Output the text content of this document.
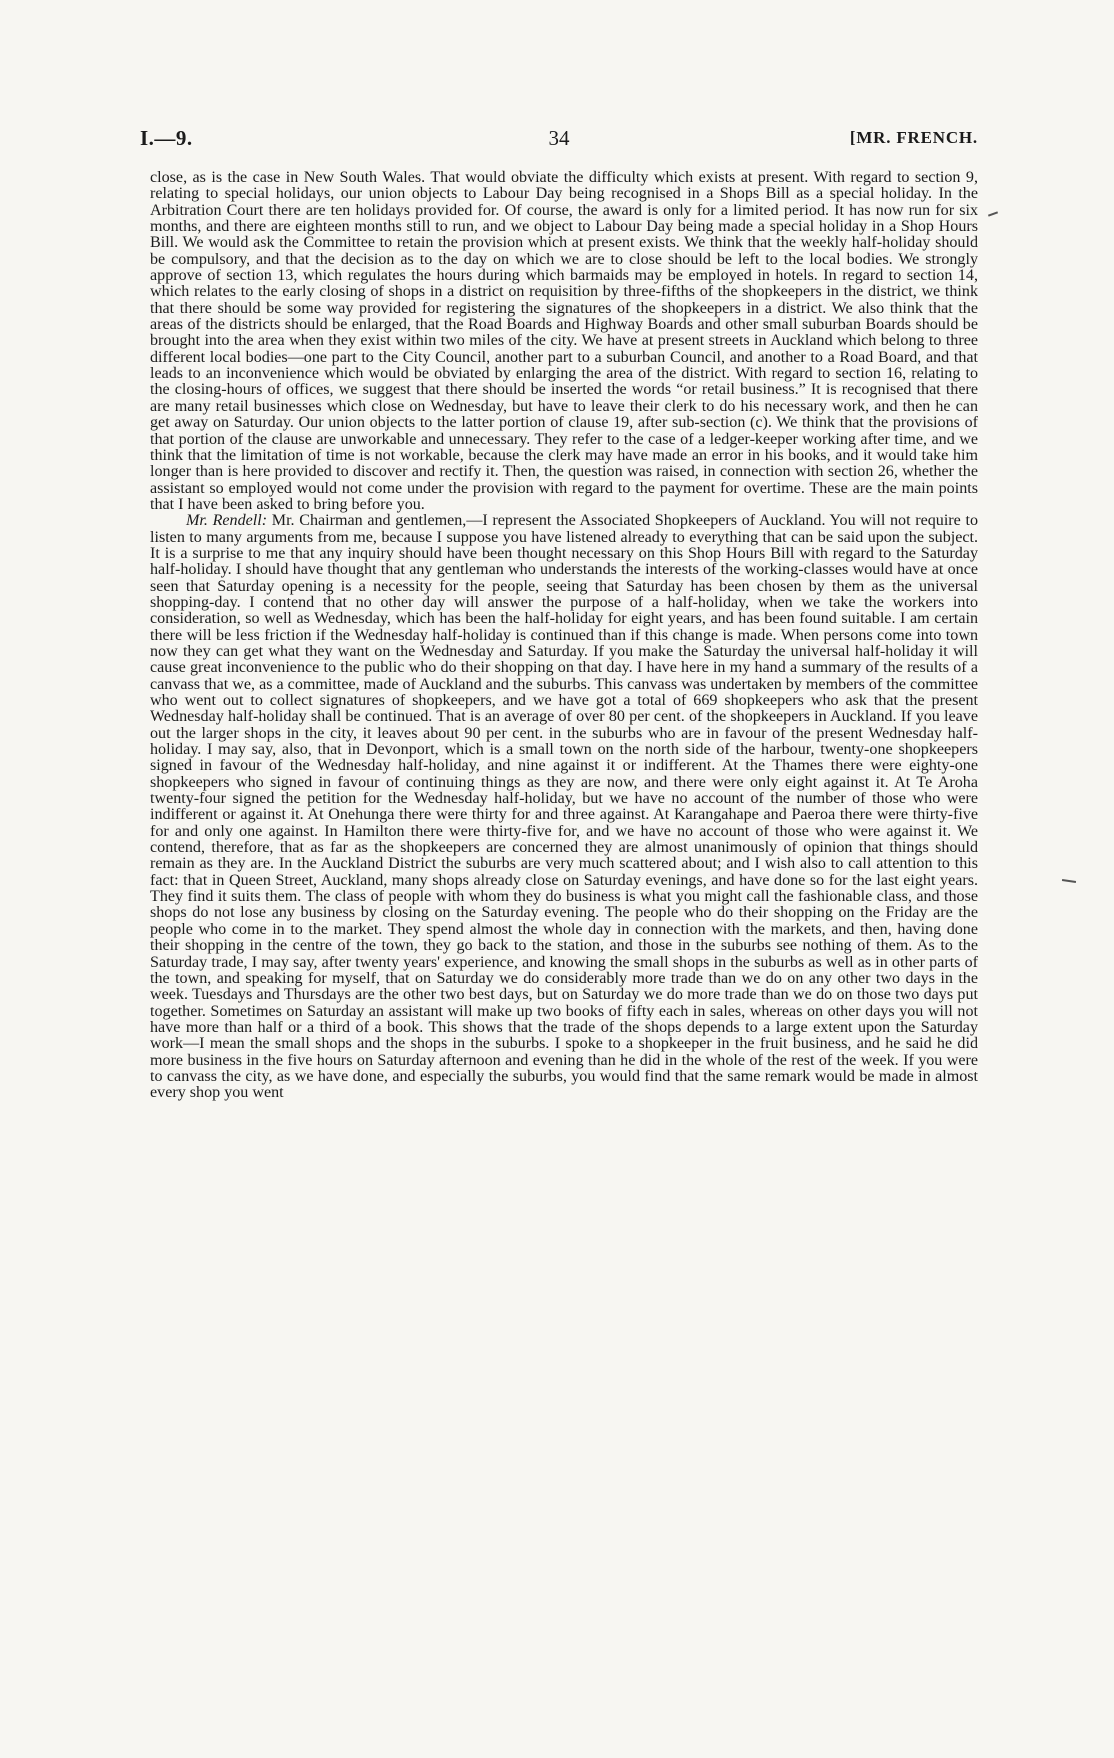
I.—9.	34	[MR. FRENCH.

close, as is the case in New South Wales. That would obviate the difficulty which exists at present. With regard to section 9, relating to special holidays, our union objects to Labour Day being recognised in a Shops Bill as a special holiday. In the Arbitration Court there are ten holidays provided for. Of course, the award is only for a limited period. It has now run for six months, and there are eighteen months still to run, and we object to Labour Day being made a special holiday in a Shop Hours Bill. We would ask the Committee to retain the provision which at present exists. We think that the weekly half-holiday should be compulsory, and that the decision as to the day on which we are to close should be left to the local bodies. We strongly approve of section 13, which regulates the hours during which barmaids may be employed in hotels. In regard to section 14, which relates to the early closing of shops in a district on requisition by three-fifths of the shopkeepers in the district, we think that there should be some way provided for registering the signatures of the shopkeepers in a district. We also think that the areas of the districts should be enlarged, that the Road Boards and Highway Boards and other small suburban Boards should be brought into the area when they exist within two miles of the city. We have at present streets in Auckland which belong to three different local bodies—one part to the City Council, another part to a suburban Council, and another to a Road Board, and that leads to an inconvenience which would be obviated by enlarging the area of the district. With regard to section 16, relating to the closing-hours of offices, we suggest that there should be inserted the words “or retail business.” It is recognised that there are many retail businesses which close on Wednesday, but have to leave their clerk to do his necessary work, and then he can get away on Saturday. Our union objects to the latter portion of clause 19, after sub-section (c). We think that the provisions of that portion of the clause are unworkable and unnecessary. They refer to the case of a ledger-keeper working after time, and we think that the limitation of time is not workable, because the clerk may have made an error in his books, and it would take him longer than is here provided to discover and rectify it. Then, the question was raised, in connection with section 26, whether the assistant so employed would not come under the provision with regard to the payment for overtime. These are the main points that I have been asked to bring before you.

Mr. Rendell: Mr. Chairman and gentlemen,—I represent the Associated Shopkeepers of Auckland. You will not require to listen to many arguments from me, because I suppose you have listened already to everything that can be said upon the subject. It is a surprise to me that any inquiry should have been thought necessary on this Shop Hours Bill with regard to the Saturday half-holiday. I should have thought that any gentleman who understands the interests of the working-classes would have at once seen that Saturday opening is a necessity for the people, seeing that Saturday has been chosen by them as the universal shopping-day. I contend that no other day will answer the purpose of a half-holiday, when we take the workers into consideration, so well as Wednesday, which has been the half-holiday for eight years, and has been found suitable. I am certain there will be less friction if the Wednesday half-holiday is continued than if this change is made. When persons come into town now they can get what they want on the Wednesday and Saturday. If you make the Saturday the universal half-holiday it will cause great inconvenience to the public who do their shopping on that day. I have here in my hand a summary of the results of a canvass that we, as a committee, made of Auckland and the suburbs. This canvass was undertaken by members of the committee who went out to collect signatures of shopkeepers, and we have got a total of 669 shopkeepers who ask that the present Wednesday half-holiday shall be continued. That is an average of over 80 per cent. of the shopkeepers in Auckland. If you leave out the larger shops in the city, it leaves about 90 per cent. in the suburbs who are in favour of the present Wednesday half-holiday. I may say, also, that in Devonport, which is a small town on the north side of the harbour, twenty-one shopkeepers signed in favour of the Wednesday half-holiday, and nine against it or indifferent. At the Thames there were eighty-one shopkeepers who signed in favour of continuing things as they are now, and there were only eight against it. At Te Aroha twenty-four signed the petition for the Wednesday half-holiday, but we have no account of the number of those who were indifferent or against it. At Onehunga there were thirty for and three against. At Karangahape and Paeroa there were thirty-five for and only one against. In Hamilton there were thirty-five for, and we have no account of those who were against it. We contend, therefore, that as far as the shopkeepers are concerned they are almost unanimously of opinion that things should remain as they are. In the Auckland District the suburbs are very much scattered about; and I wish also to call attention to this fact: that in Queen Street, Auckland, many shops already close on Saturday evenings, and have done so for the last eight years. They find it suits them. The class of people with whom they do business is what you might call the fashionable class, and those shops do not lose any business by closing on the Saturday evening. The people who do their shopping on the Friday are the people who come in to the market. They spend almost the whole day in connection with the markets, and then, having done their shopping in the centre of the town, they go back to the station, and those in the suburbs see nothing of them. As to the Saturday trade, I may say, after twenty years' experience, and knowing the small shops in the suburbs as well as in other parts of the town, and speaking for myself, that on Saturday we do considerably more trade than we do on any other two days in the week. Tuesdays and Thursdays are the other two best days, but on Saturday we do more trade than we do on those two days put together. Sometimes on Saturday an assistant will make up two books of fifty each in sales, whereas on other days you will not have more than half or a third of a book. This shows that the trade of the shops depends to a large extent upon the Saturday work—I mean the small shops and the shops in the suburbs. I spoke to a shopkeeper in the fruit business, and he said he did more business in the five hours on Saturday afternoon and evening than he did in the whole of the rest of the week. If you were to canvass the city, as we have done, and especially the suburbs, you would find that the same remark would be made in almost every shop you went
